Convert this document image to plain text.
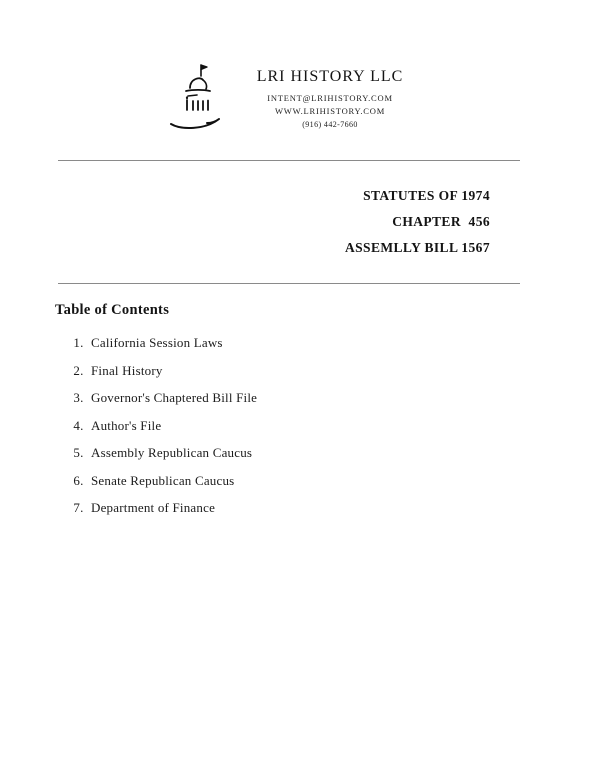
LRI HISTORY LLC
INTENT@LRIHISTORY.COM
WWW.LRIHISTORY.COM
(916) 442-7660
STATUTES OF 1974
CHAPTER  456
ASSEMLLY BILL 1567
Table of Contents
1. California Session Laws
2. Final History
3. Governor's Chaptered Bill File
4. Author's File
5. Assembly Republican Caucus
6. Senate Republican Caucus
7. Department of Finance
